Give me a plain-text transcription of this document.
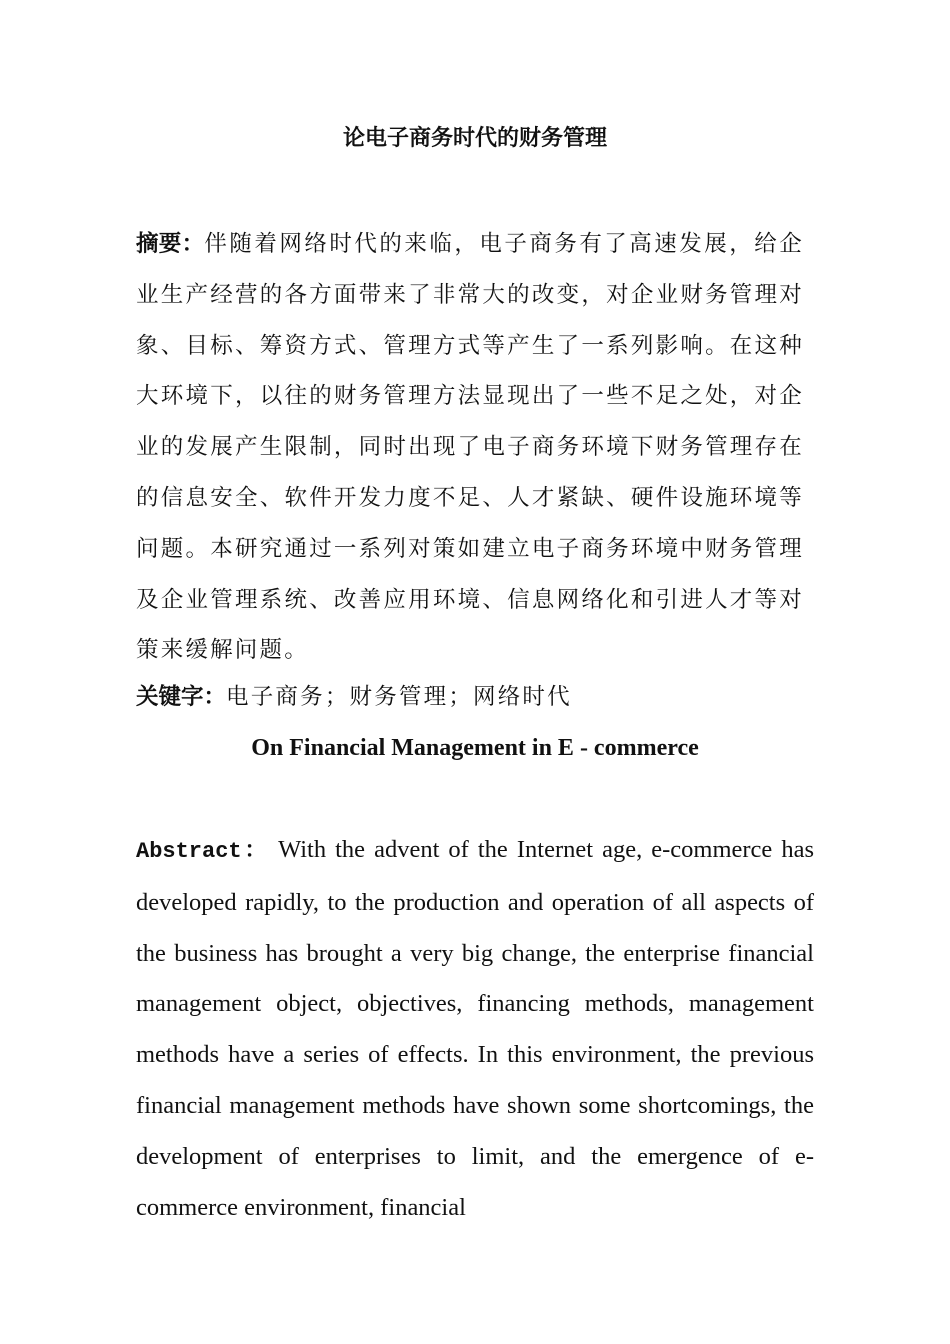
论电子商务时代的财务管理

摘要：伴随着网络时代的来临，电子商务有了高速发展，给企业生产经营的各方面带来了非常大的改变，对企业财务管理对象、目标、筹资方式、管理方式等产生了一系列影响。在这种大环境下，以往的财务管理方法显现出了一些不足之处，对企业的发展产生限制，同时出现了电子商务环境下财务管理存在的信息安全、软件开发力度不足、人才紧缺、硬件设施环境等问题。本研究通过一系列对策如建立电子商务环境中财务管理及企业管理系统、改善应用环境、信息网络化和引进人才等对策来缓解问题。

关键字：电子商务；财务管理；网络时代

On Financial Management in E - commerce

Abstract： With the advent of the Internet age, e-commerce has developed rapidly, to the production and operation of all aspects of the business has brought a very big change, the enterprise financial management object, objectives, financing methods, management methods have a series of effects. In this environment, the previous financial management methods have shown some shortcomings, the development of enterprises to limit, and the emergence of e-commerce environment, financial
